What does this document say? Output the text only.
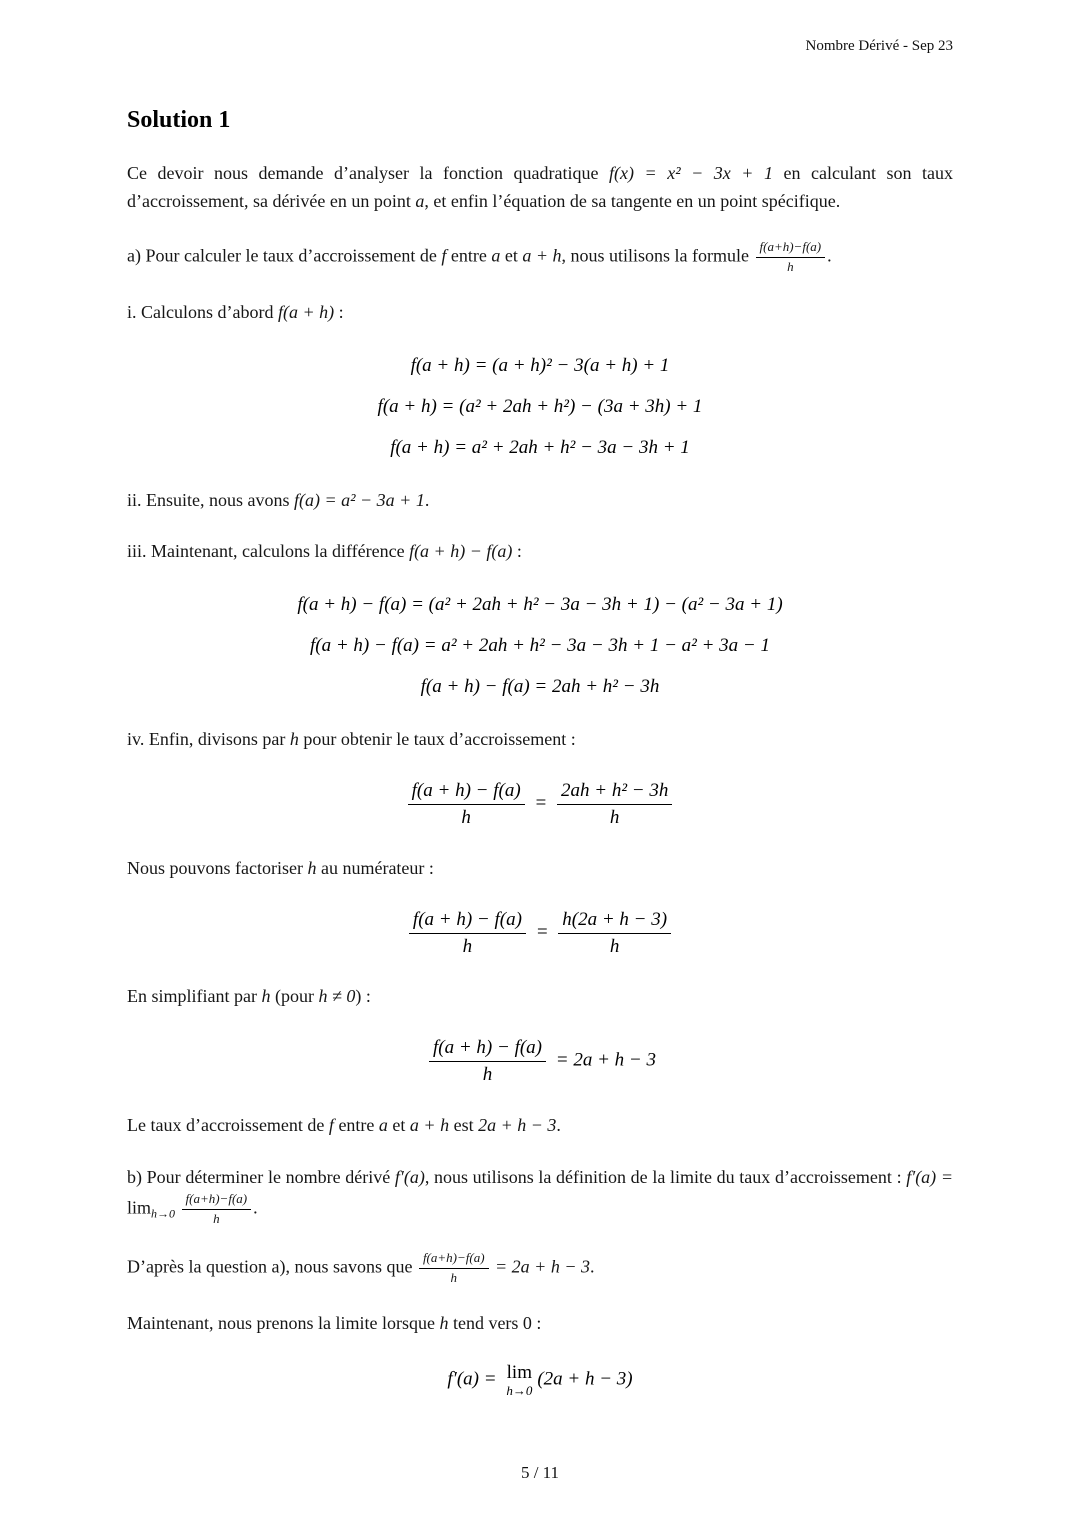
Nombre Dérivé - Sep 23
Solution 1
Ce devoir nous demande d’analyser la fonction quadratique f(x) = x² − 3x + 1 en calculant son taux d’accroissement, sa dérivée en un point a, et enfin l’équation de sa tangente en un point spécifique.
a) Pour calculer le taux d’accroissement de f entre a et a + h, nous utilisons la formule $\frac{f(a+h)-f(a)}{h}$ .
i. Calculons d’abord f(a + h) :
f(a + h) = (a + h)² − 3(a + h) + 1
f(a + h) = (a² + 2ah + h²) − (3a + 3h) + 1
f(a + h) = a² + 2ah + h² − 3a − 3h + 1
ii. Ensuite, nous avons f(a) = a² − 3a + 1.
iii. Maintenant, calculons la différence f(a + h) − f(a) :
f(a + h) − f(a) = (a² + 2ah + h² − 3a − 3h + 1) − (a² − 3a + 1)
f(a + h) − f(a) = a² + 2ah + h² − 3a − 3h + 1 − a² + 3a − 1
f(a + h) − f(a) = 2ah + h² − 3h
iv. Enfin, divisons par h pour obtenir le taux d’accroissement :
$\frac{f(a + h) - f(a)}{h} = \frac{\text{2ah + h² − 3h}}{h}$
Nous pouvons factoriser h au numérateur :
$\frac{f(a + h) - f(a)}{h} = \frac{h(2a + h - 3)}{h}$
En simplifiant par h (pour h ≠ 0) :
$\frac{f(a + h) - f(a)}{h} = 2a + h - 3$
Le taux d’accroissement de f entre a et a + h est 2a + h − 3.
b) Pour déterminer le nombre dérivé f′(a), nous utilisons la définition de la limite du taux d’accroissement : $f'(a) = \lim_{h\to 0} \frac{f(a+h)-f(a)}{h}$ .
D’après la question a), nous savons que $\frac{f(a+h)-f(a)}{h} = 2a + h - 3$.
Maintenant, nous prenons la limite lorsque h tend vers 0 :
f′(a) = lim
h→0
(2a + h − 3)
5 / 11
